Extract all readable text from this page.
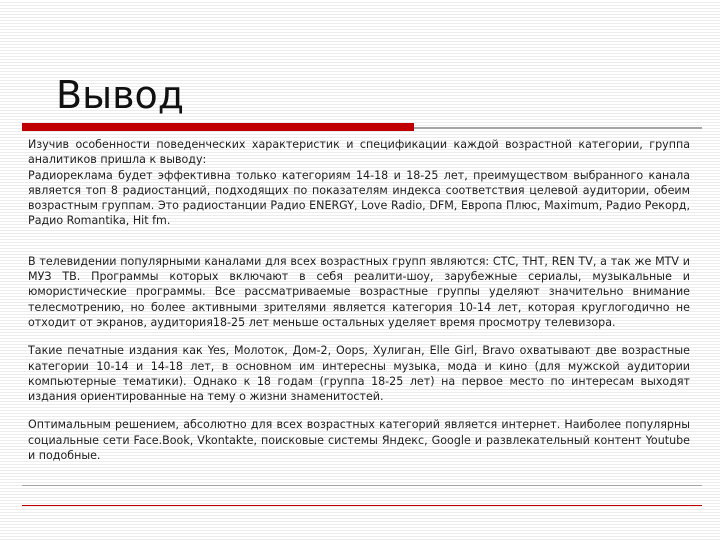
Вывод

Изучив особенности поведенческих характеристик и спецификации каждой возрастной категории, группа аналитиков пришла к выводу:

Радиореклама будет эффективна только категориям 14-18 и 18-25 лет, преимуществом выбранного канала является топ 8 радиостанций, подходящих по показателям индекса соответствия целевой аудитории, обеим возрастным группам. Это радиостанции Радио ENERGY, Love Radio, DFM, Европа Плюс, Maximum, Радио Рекорд, Радио Romantika, Hit fm.

В телевидении популярными каналами для всех возрастных групп являются: СТС, ТНТ, REN TV, а так же MTV и МУЗ ТВ. Программы которых включают в себя реалити-шоу, зарубежные сериалы, музыкальные и юмористические программы. Все рассматриваемые возрастные группы уделяют значительно внимание телесмотрению, но более активными зрителями является категория 10-14 лет, которая круглогодично не отходит от экранов, аудитория18-25 лет меньше остальных уделяет время просмотру телевизора.

Такие печатные издания как Yes, Молоток, Дом-2, Oops, Хулиган, Elle Girl, Bravo охватывают две возрастные категории 10-14 и 14-18 лет, в основном им интересны музыка, мода и кино (для мужской аудитории компьютерные тематики). Однако к 18 годам (группа 18-25 лет) на первое место по интересам выходят издания ориентированные на тему о жизни знаменитостей.

Оптимальным решением, абсолютно для всех возрастных категорий является интернет. Наиболее популярны социальные сети Face.Book, Vkontakte, поисковые системы Яндекс, Google и развлекательный контент Youtube и подобные.
